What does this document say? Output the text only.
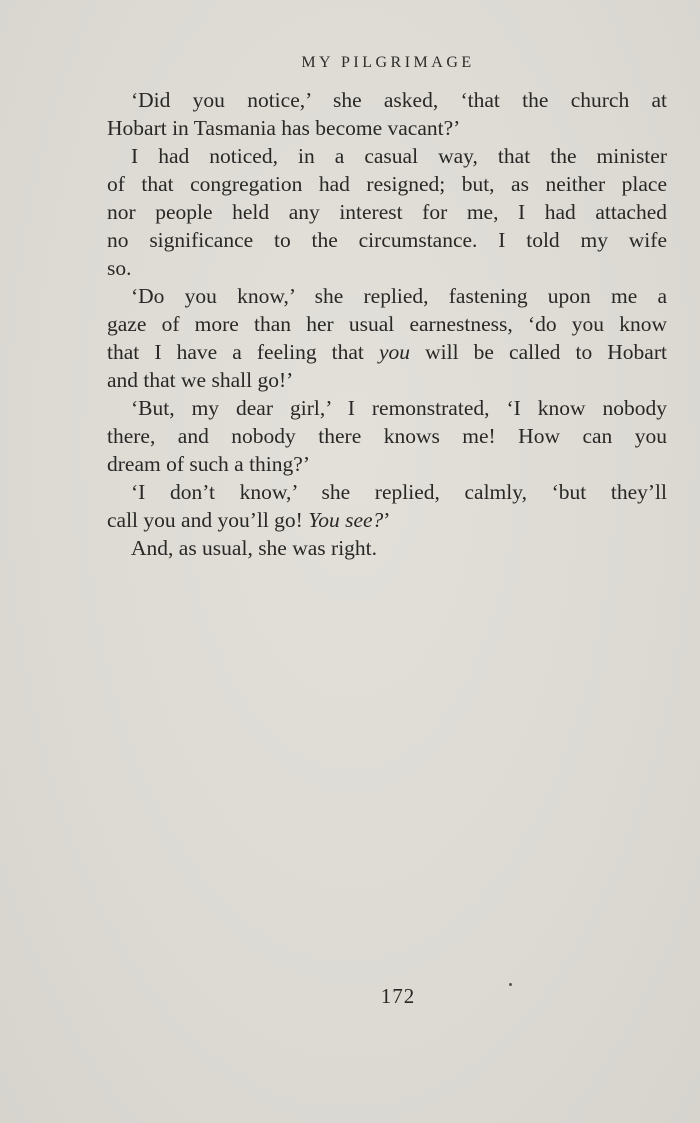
MY PILGRIMAGE

‘Did you notice,’ she asked, ‘that the church at
Hobart in Tasmania has become vacant?’

I had noticed, in a casual way, that the minister
of that congregation had resigned; but, as neither place
nor people held any interest for me, I had attached
no significance to the circumstance. I told my wife
so.

‘Do you know,’ she replied, fastening upon me a
gaze of more than her usual earnestness, ‘do you know
that I have a feeling that you will be called to Hobart
and that we shall go!’

‘But, my dear girl,’ I remonstrated, ‘I know nobody
there, and nobody there knows me! How can you
dream of such a thing?’

‘I don’t know,’ she replied, calmly, ‘but they’ll
call you and you’ll go! You see?’

And, as usual, she was right.

172
